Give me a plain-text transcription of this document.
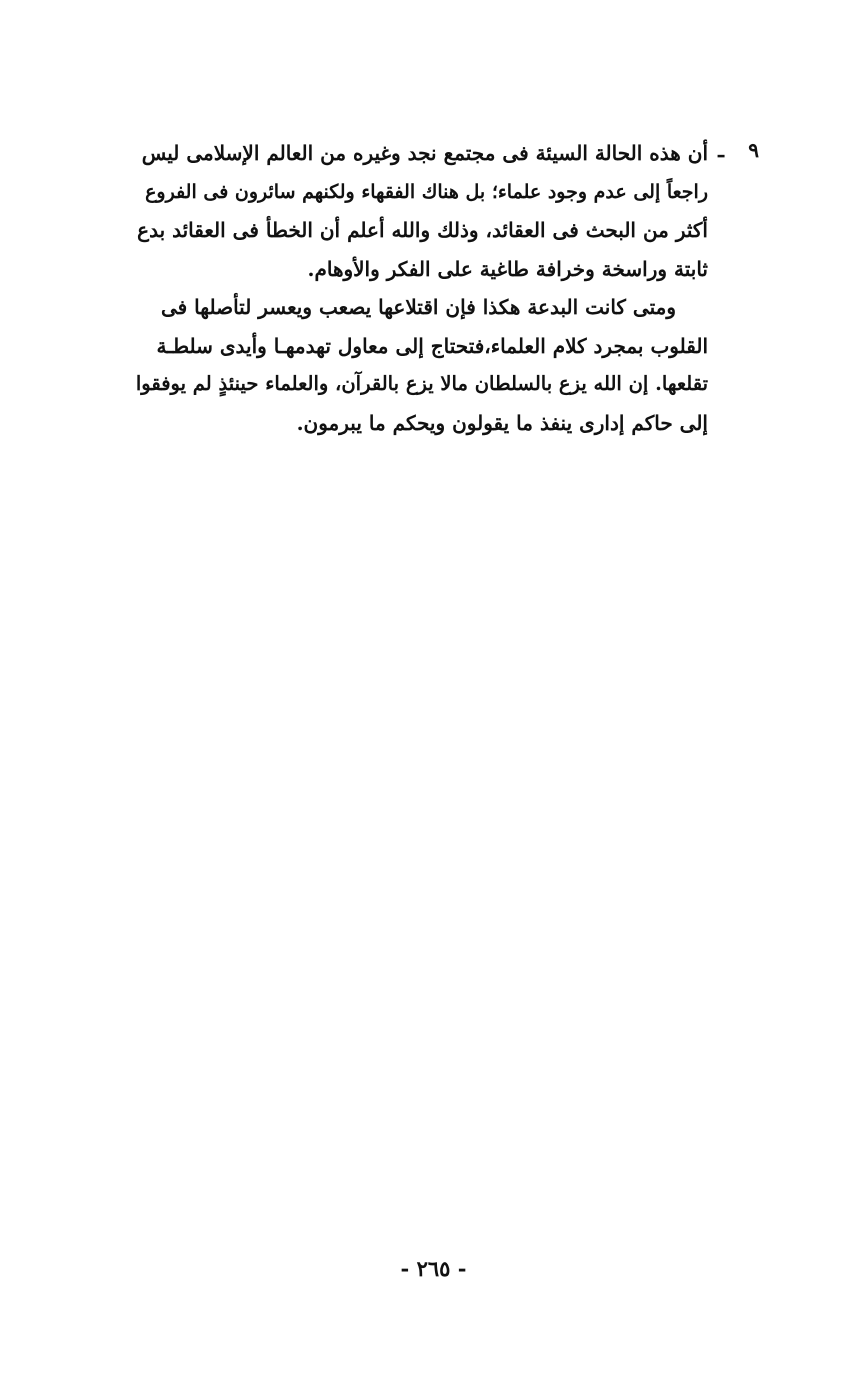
٩
ـ
أن هذه الحالة السيئة فى مجتمع نجد وغيره من العالم الإسلامى ليس
راجعاً إلى عدم وجود علماء؛ بل هناك الفقهاء ولكنهم سائرون فى الفروع
أكثر من البحث فى العقائد، وذلك والله أعلم أن الخطأ فى العقائد بدع
ثابتة وراسخة وخرافة طاغية على الفكر والأوهام.
ومتى كانت البدعة هكذا فإن اقتلاعها يصعب ويعسر لتأصلها فى
القلوب بمجرد كلام العلماء،فتحتاج إلى معاول تهدمهـا وأيدى سلطـة
تقلعها. إن الله يزع بالسلطان مالا يزع بالقرآن، والعلماء حينئذٍ لم يوفقوا
إلى حاكم إدارى ينفذ ما يقولون ويحكم ما يبرمون.
- ٢٦٥ -
